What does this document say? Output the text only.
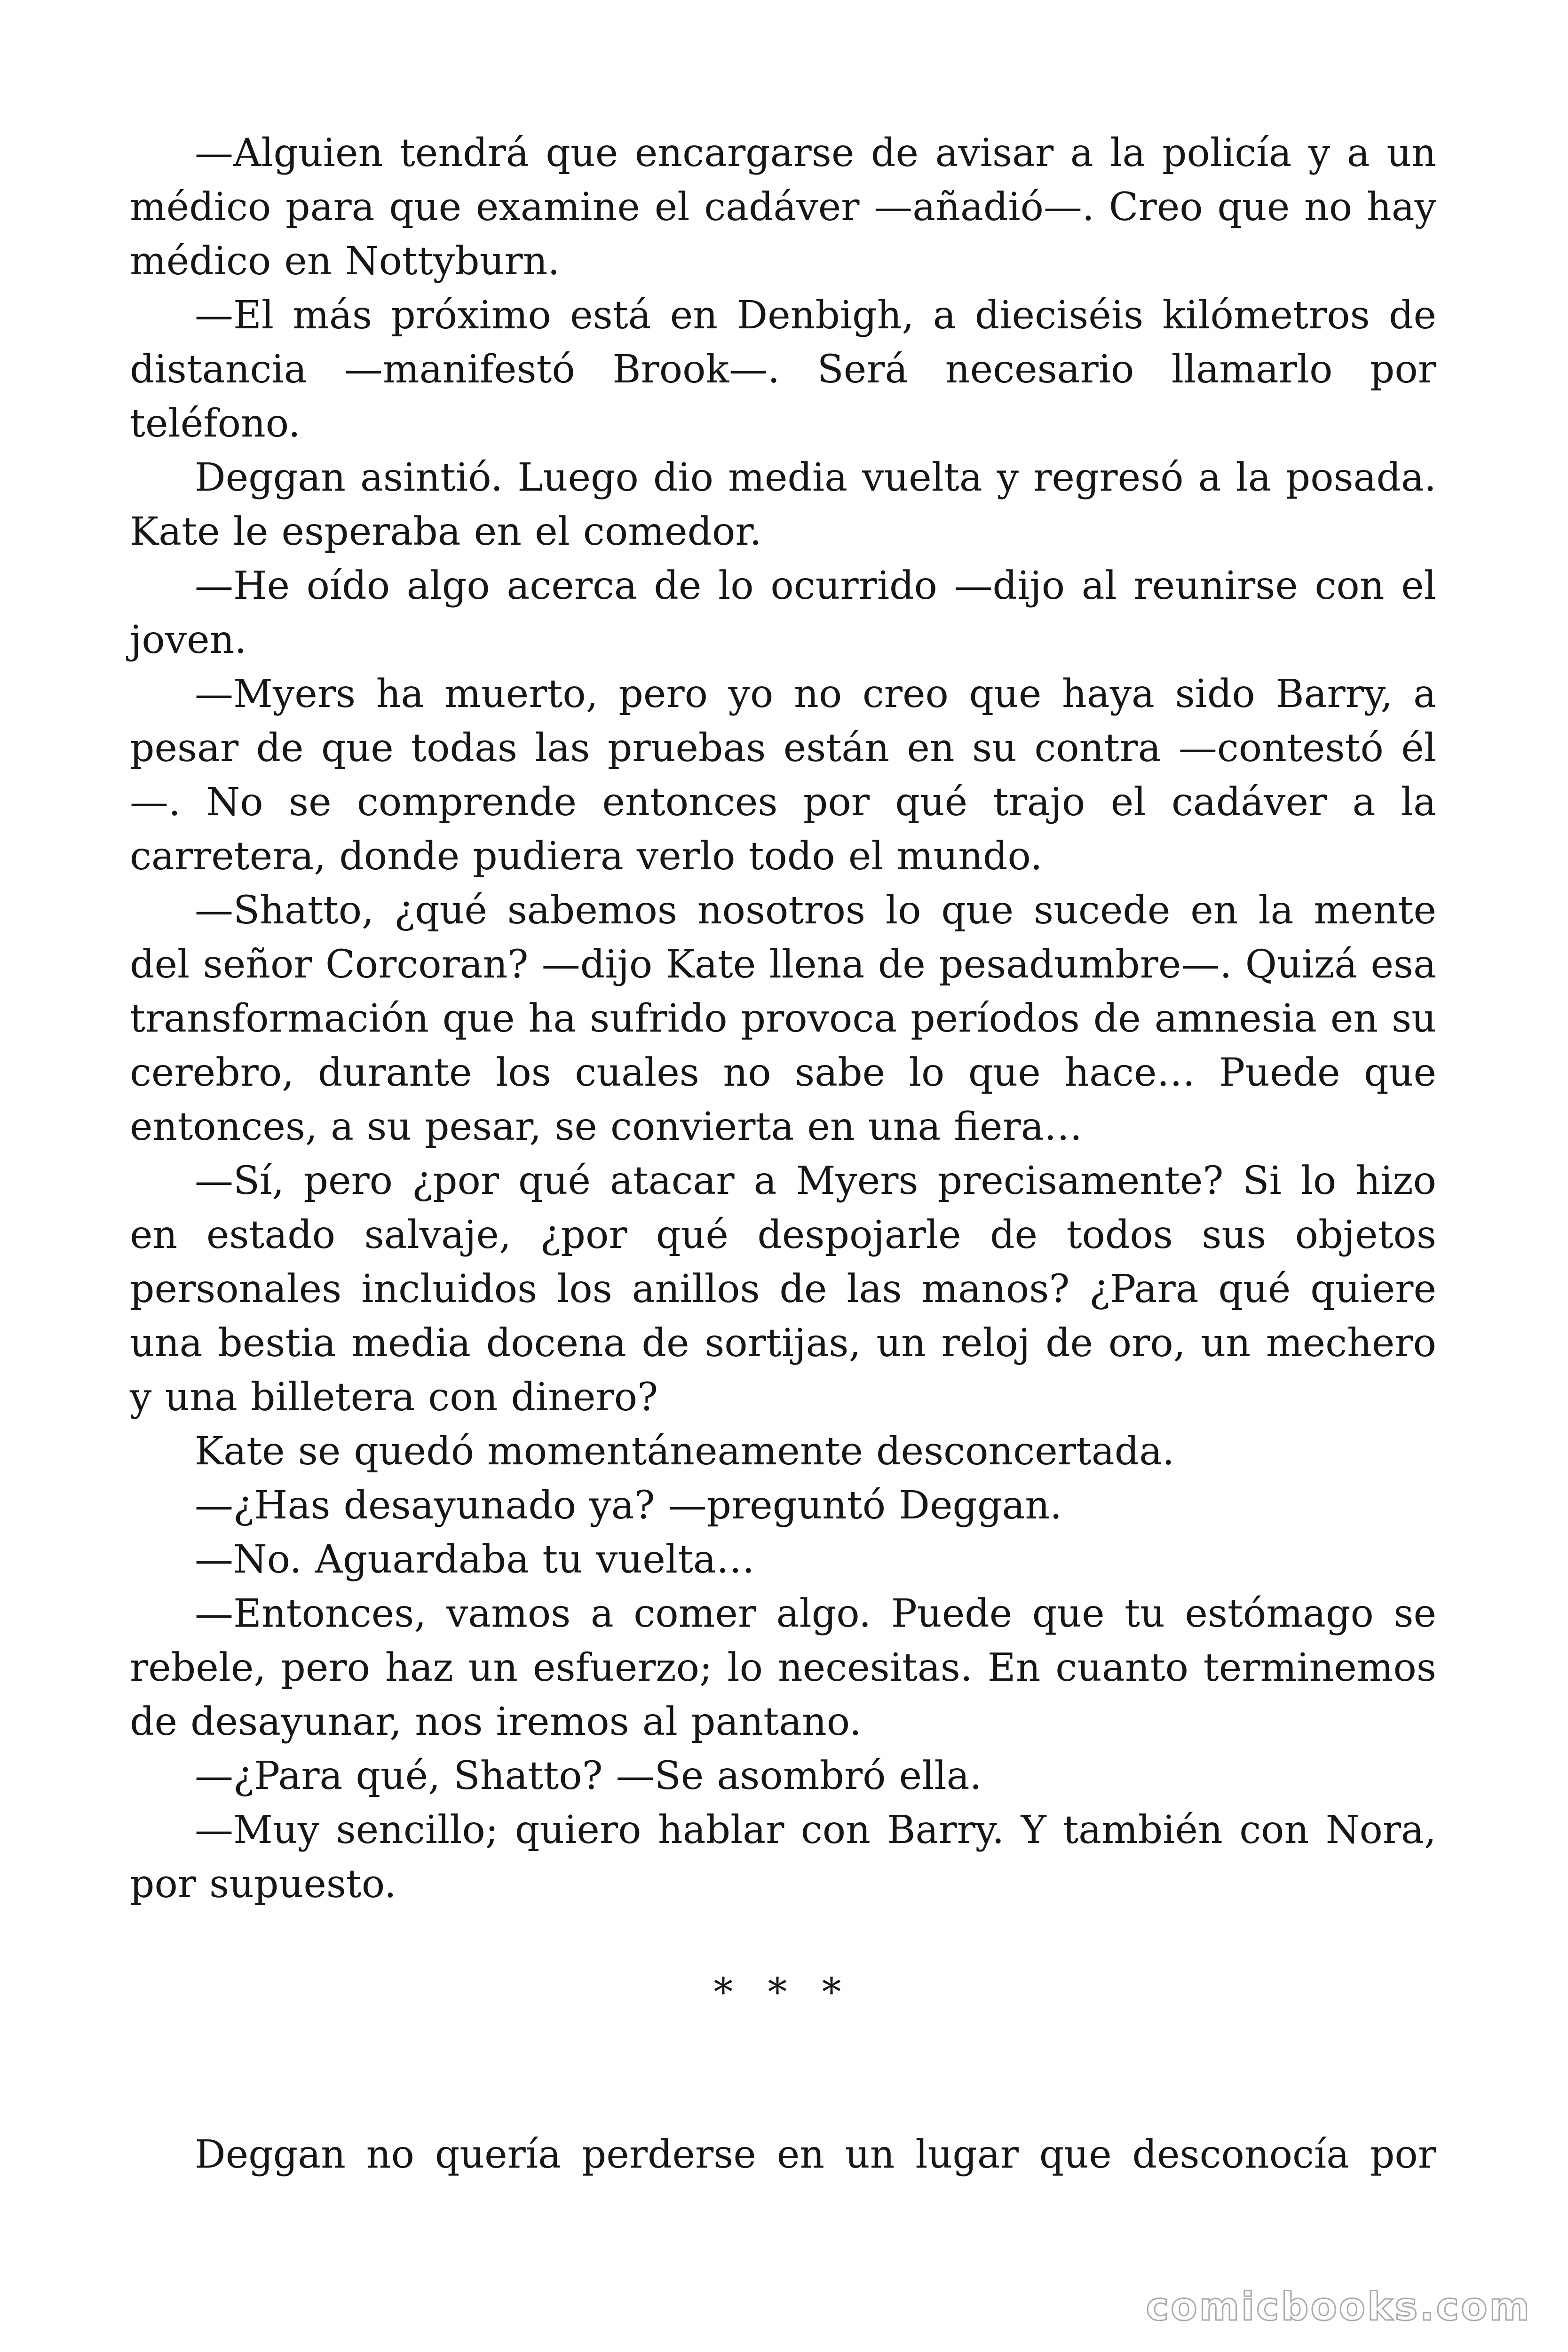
—Alguien tendrá que encargarse de avisar a la policía y a un médico para que examine el cadáver —añadió—. Creo que no hay médico en Nottyburn.

—El más próximo está en Denbigh, a dieciséis kilómetros de distancia —manifestó Brook—. Será necesario llamarlo por teléfono.

Deggan asintió. Luego dio media vuelta y regresó a la posada. Kate le esperaba en el comedor.

—He oído algo acerca de lo ocurrido —dijo al reunirse con el joven.

—Myers ha muerto, pero yo no creo que haya sido Barry, a pesar de que todas las pruebas están en su contra —contestó él—. No se comprende entonces por qué trajo el cadáver a la carretera, donde pudiera verlo todo el mundo.

—Shatto, ¿qué sabemos nosotros lo que sucede en la mente del señor Corcoran? —dijo Kate llena de pesadumbre—. Quizá esa transformación que ha sufrido provoca períodos de amnesia en su cerebro, durante los cuales no sabe lo que hace… Puede que entonces, a su pesar, se convierta en una fiera…

—Sí, pero ¿por qué atacar a Myers precisamente? Si lo hizo en estado salvaje, ¿por qué despojarle de todos sus objetos personales incluidos los anillos de las manos? ¿Para qué quiere una bestia media docena de sortijas, un reloj de oro, un mechero y una billetera con dinero?

Kate se quedó momentáneamente desconcertada.

—¿Has desayunado ya? —preguntó Deggan.

—No. Aguardaba tu vuelta…

—Entonces, vamos a comer algo. Puede que tu estómago se rebele, pero haz un esfuerzo; lo necesitas. En cuanto terminemos de desayunar, nos iremos al pantano.

—¿Para qué, Shatto? —Se asombró ella.

—Muy sencillo; quiero hablar con Barry. Y también con Nora, por supuesto.

* * *

Deggan no quería perderse en un lugar que desconocía por

comicbooks.com
